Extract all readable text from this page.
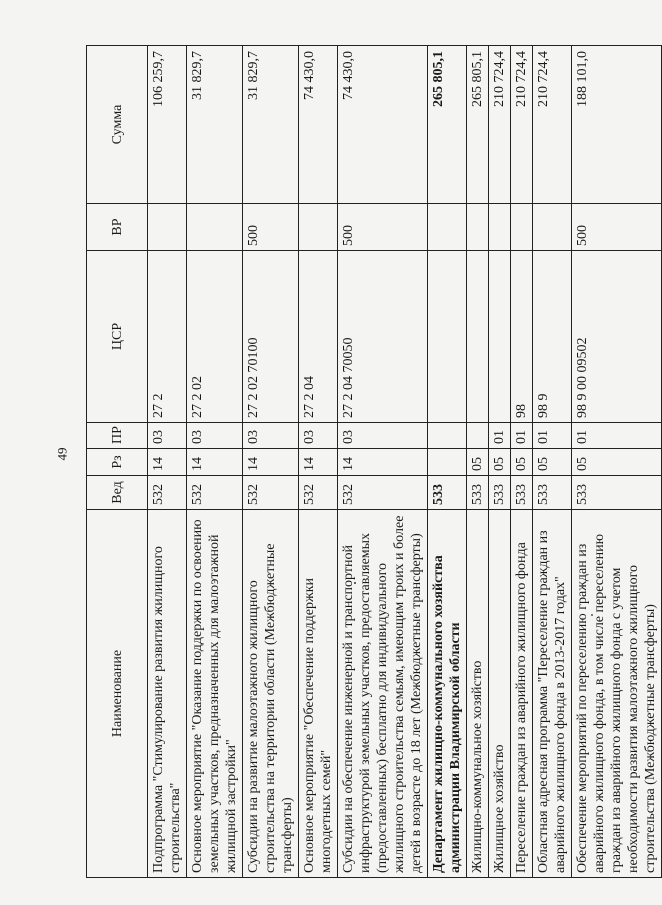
49
Наименование	Вед	Рз	ПР	ЦСР	ВР	Сумма
Подпрограмма "Стимулирование развития жилищного строительства"	532	14	03	27 2		106 259,7
Основное мероприятие "Оказание поддержки по освоению земельных участков, предназначенных для малоэтажной жилищной застройки"	532	14	03	27 2 02		31 829,7
Субсидии на развитие малоэтажного жилищного строительства на территории области (Межбюджетные трансферты)	532	14	03	27 2 02 70100	500	31 829,7
Основное мероприятие "Обеспечение поддержки многодетных семей"	532	14	03	27 2 04		74 430,0
Субсидии на обеспечение инженерной и транспортной инфраструктурой земельных участков, предоставляемых (предоставленных) бесплатно для индивидуального жилищного строительства семьям, имеющим троих и более детей в возрасте до 18 лет (Межбюджетные трансферты)	532	14	03	27 2 04 70050	500	74 430,0
Департамент жилищно-коммунального хозяйства администрации Владимирской области	533					265 805,1
Жилищно-коммунальное хозяйство	533	05				265 805,1
Жилищное хозяйство	533	05	01			210 724,4
Переселение граждан из аварийного жилищного фонда	533	05	01	98		210 724,4
Областная адресная программа "Переселение граждан из аварийного жилищного фонда в 2013-2017 годах"	533	05	01	98 9		210 724,4
Обеспечение мероприятий по переселению граждан из аварийного жилищного фонда, в том числе переселению граждан из аварийного жилищного фонда с учетом необходимости развития малоэтажного жилищного строительства (Межбюджетные трансферты)	533	05	01	98 9 00 09502	500	188 101,0
